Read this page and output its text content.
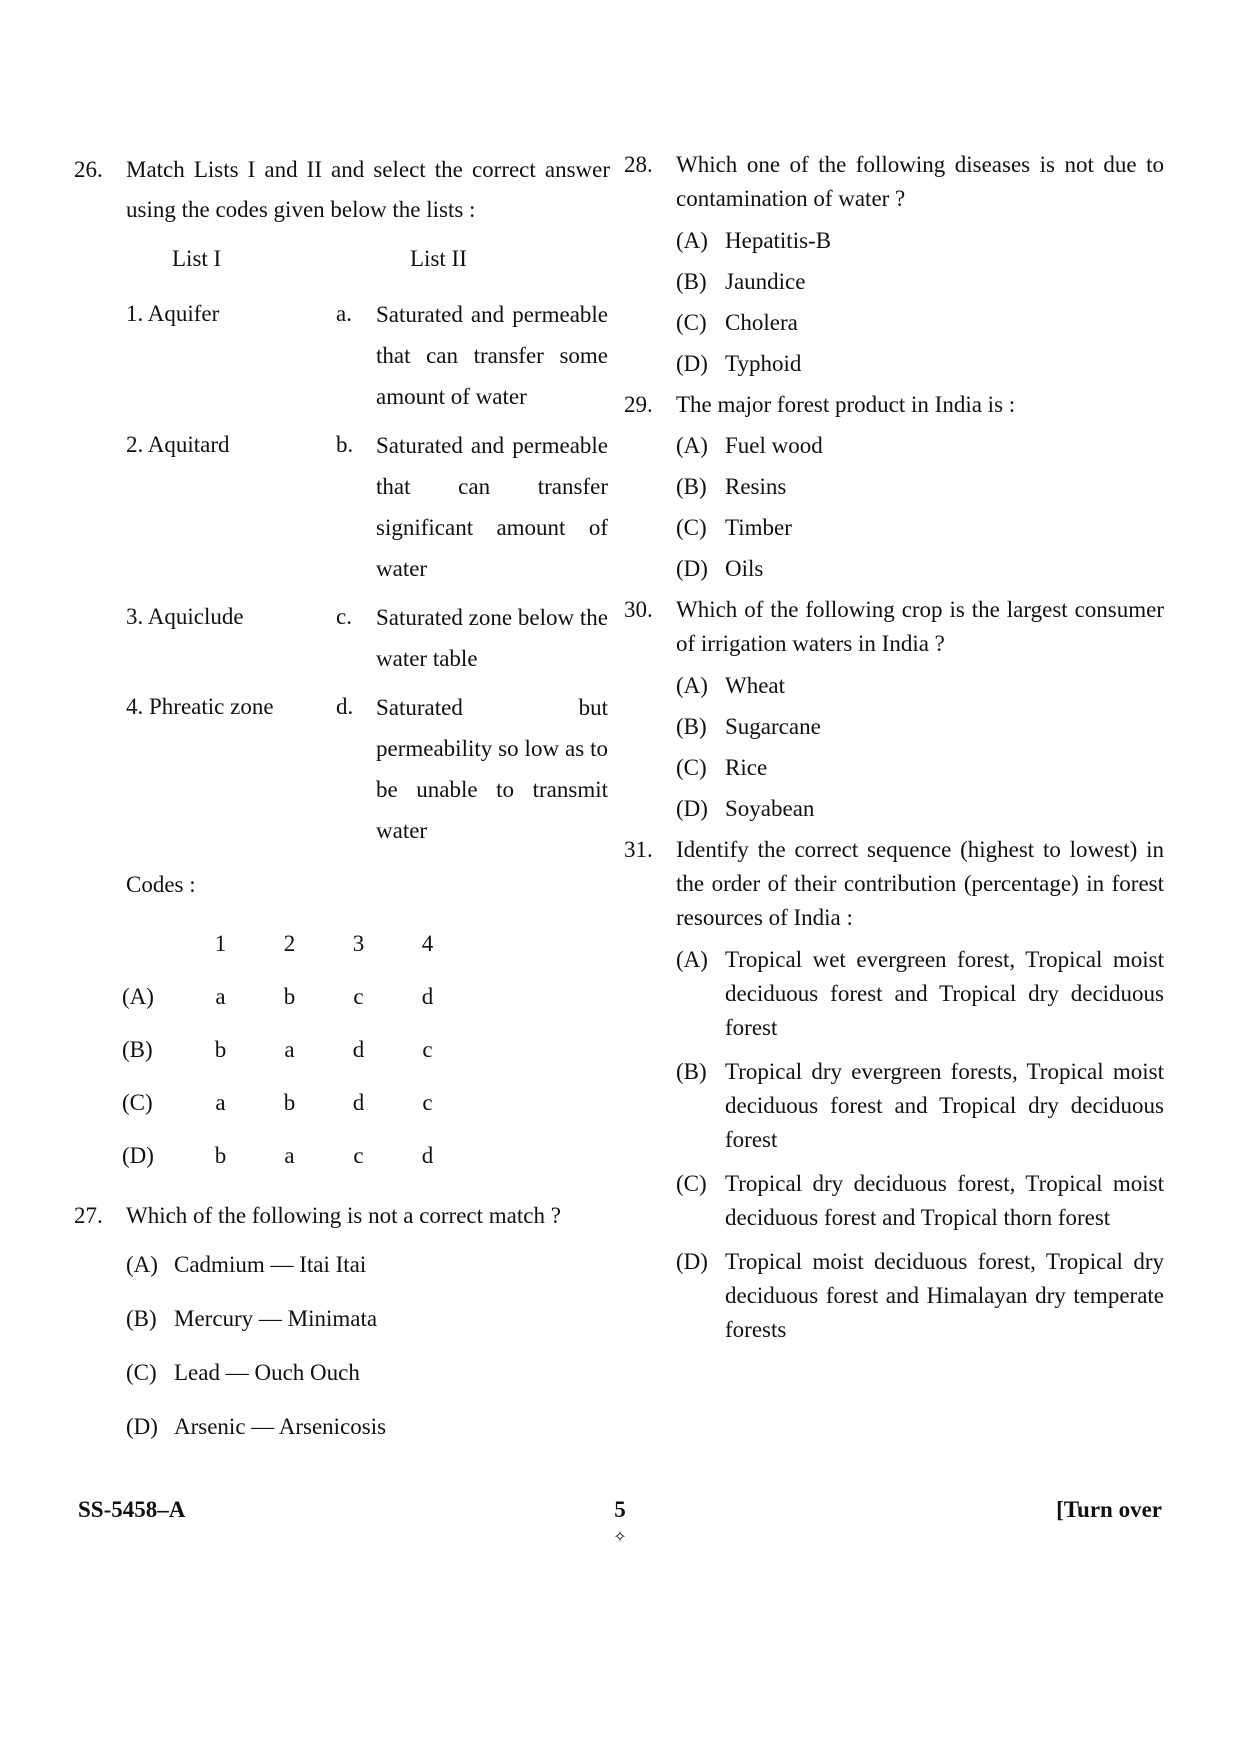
26. Match Lists I and II and select the correct answer using the codes given below the lists :
List I	List II
1. Aquifer	a. Saturated and permeable that can transfer some amount of water
2. Aquitard	b. Saturated and permeable that can transfer significant amount of water
3. Aquiclude	c. Saturated zone below the water table
4. Phreatic zone	d. Saturated but permeability so low as to be unable to transmit water
Codes :
	1	2	3	4
(A)	a	b	c	d
(B)	b	a	d	c
(C)	a	b	d	c
(D)	b	a	c	d
27. Which of the following is not a correct match ?
(A) Cadmium — Itai Itai
(B) Mercury — Minimata
(C) Lead — Ouch Ouch
(D) Arsenic — Arsenicosis
28. Which one of the following diseases is not due to contamination of water ?
(A) Hepatitis-B
(B) Jaundice
(C) Cholera
(D) Typhoid
29. The major forest product in India is :
(A) Fuel wood
(B) Resins
(C) Timber
(D) Oils
30. Which of the following crop is the largest consumer of irrigation waters in India ?
(A) Wheat
(B) Sugarcane
(C) Rice
(D) Soyabean
31. Identify the correct sequence (highest to lowest) in the order of their contribution (percentage) in forest resources of India :
(A) Tropical wet evergreen forest, Tropical moist deciduous forest and Tropical dry deciduous forest
(B) Tropical dry evergreen forests, Tropical moist deciduous forest and Tropical dry deciduous forest
(C) Tropical dry deciduous forest, Tropical moist deciduous forest and Tropical thorn forest
(D) Tropical moist deciduous forest, Tropical dry deciduous forest and Himalayan dry temperate forests
SS-5458–A	5	[Turn over
✧
